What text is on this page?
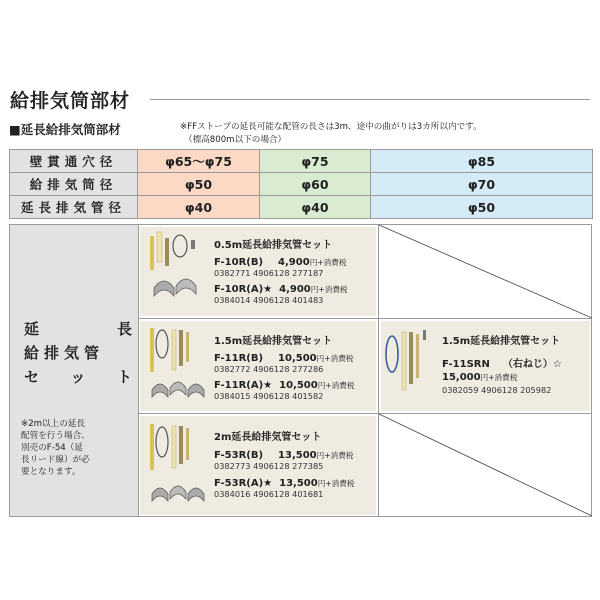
給排気筒部材
■延長給排気筒部材	※FFストーブの延長可能な配管の長さは3m、途中の曲がりは3カ所以内です。
（標高800m以下の場合）
壁貫通穴径	φ65〜φ75	φ75	φ85
給排気筒径	φ50	φ60	φ70
延長排気管径	φ40	φ40	φ50
延	長
給排気管
セ ッ ト
※2m以上の延長
配管を行う場合、
別売のF-54（延
長リード線）が必
要となります。
0.5m延長給排気管セット
F-10R(B) 4,900円+消費税
0382771 4906128 277187
F-10R(A)★ 4,900円+消費税
0384014 4906128 401483
1.5m延長給排気管セット
F-11R(B) 10,500円+消費税
0382772 4906128 277286
F-11R(A)★ 10,500円+消費税
0384015 4906128 401582
2m延長給排気管セット
F-53R(B) 13,500円+消費税
0382773 4906128 277385
F-53R(A)★ 13,500円+消費税
0384016 4906128 401681
1.5m延長給排気管セット
F-11SRN （右ねじ）☆
15,000円+消費税
0382059 4906128 205982
